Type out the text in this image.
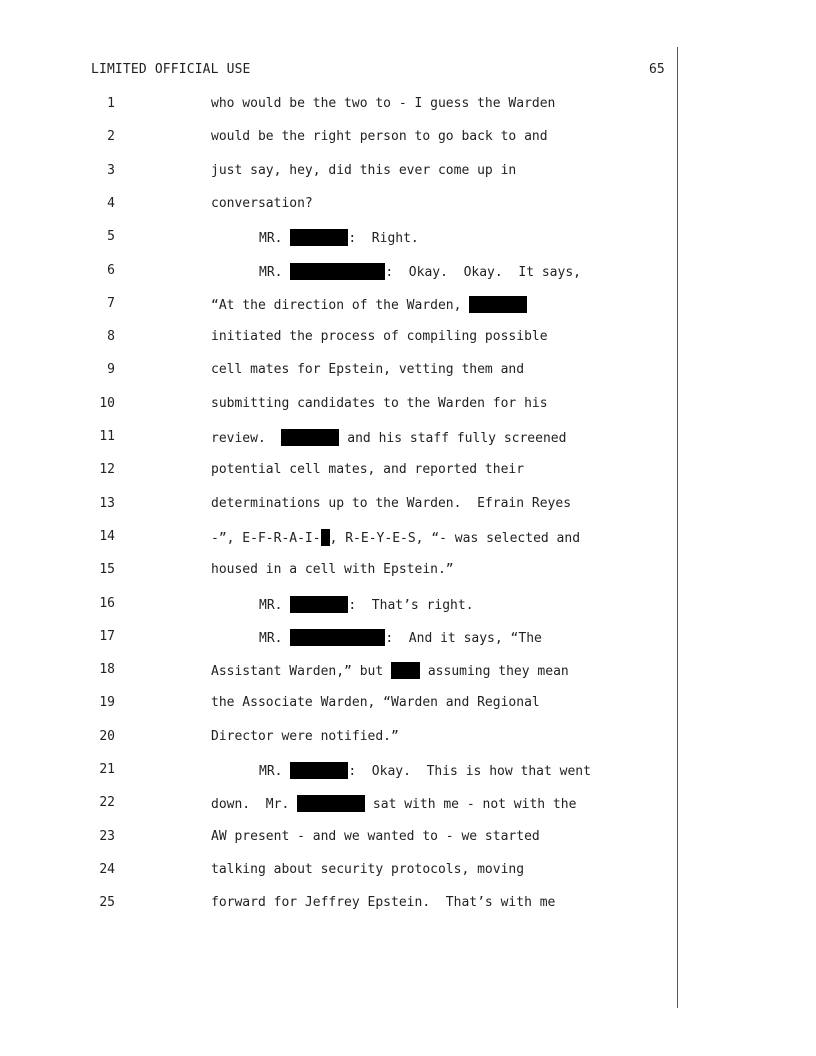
LIMITED OFFICIAL USE	65
1	who would be the two to - I guess the Warden
2	would be the right person to go back to and
3	just say, hey, did this ever come up in
4	conversation?
5	MR.	:  Right.
6	MR.	:  Okay.  Okay.  It says,
7	“At the direction of the Warden,
8	initiated the process of compiling possible
9	cell mates for Epstein, vetting them and
10	submitting candidates to the Warden for his
11	review.	and his staff fully screened
12	potential cell mates, and reported their
13	determinations up to the Warden.  Efrain Reyes
14	-”, E-F-R-A-I- , R-E-Y-E-S, “- was selected and
15	housed in a cell with Epstein.”
16	MR.	:  That’s right.
17	MR.	:  And it says, “The
18	Assistant Warden,” but  assuming they mean
19	the Associate Warden, “Warden and Regional
20	Director were notified.”
21	MR.	:  Okay.  This is how that went
22	down.  Mr.	sat with me - not with the
23	AW present - and we wanted to - we started
24	talking about security protocols, moving
25	forward for Jeffrey Epstein.  That’s with me
